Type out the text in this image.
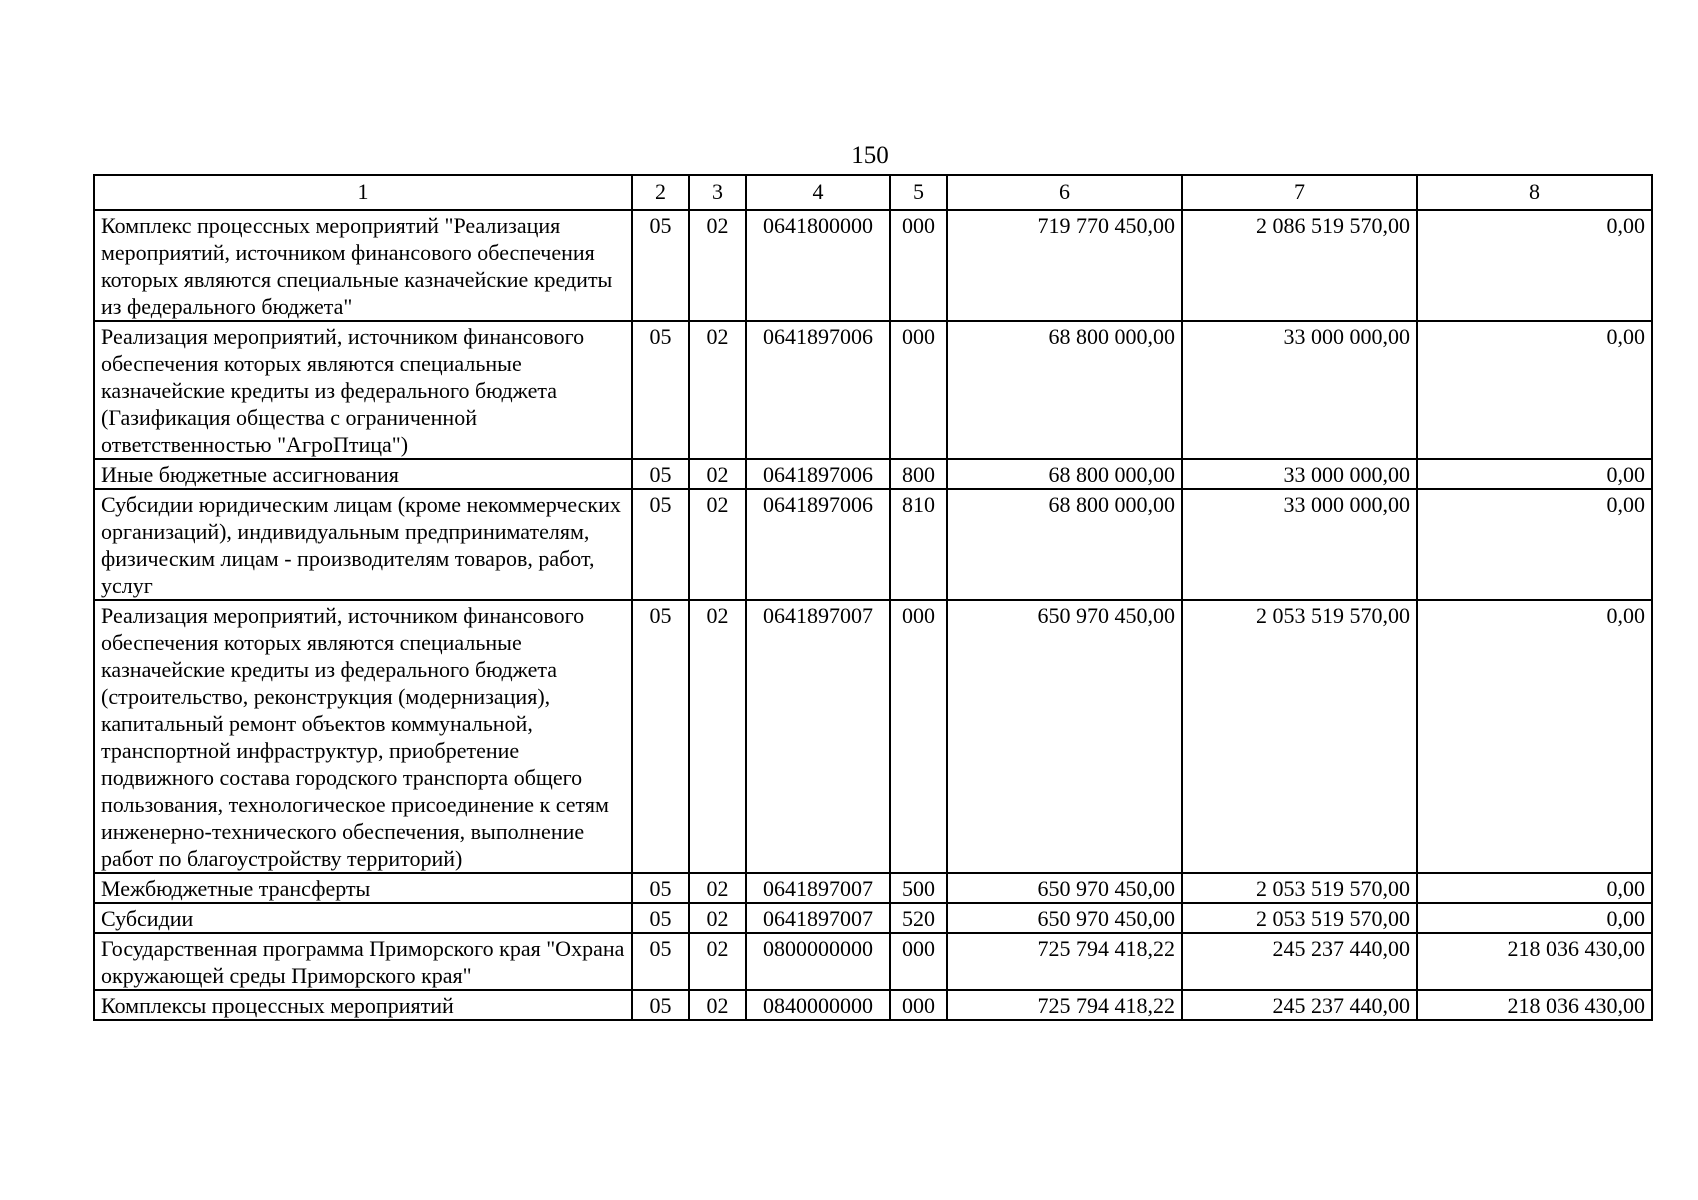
150
1	2	3	4	5	6	7	8
Комплекс процессных мероприятий "Реализация мероприятий, источником финансового обеспечения которых являются специальные казначейские кредиты из федерального бюджета"	05	02	0641800000	000	719 770 450,00	2 086 519 570,00	0,00
Реализация мероприятий, источником финансового обеспечения которых являются специальные казначейские кредиты из федерального бюджета (Газификация общества с ограниченной ответственностью "АгроПтица")	05	02	0641897006	000	68 800 000,00	33 000 000,00	0,00
Иные бюджетные ассигнования	05	02	0641897006	800	68 800 000,00	33 000 000,00	0,00
Субсидии юридическим лицам (кроме некоммерческих организаций), индивидуальным предпринимателям, физическим лицам - производителям товаров, работ, услуг	05	02	0641897006	810	68 800 000,00	33 000 000,00	0,00
Реализация мероприятий, источником финансового обеспечения которых являются специальные казначейские кредиты из федерального бюджета (строительство, реконструкция (модернизация), капитальный ремонт объектов коммунальной, транспортной инфраструктур, приобретение подвижного состава городского транспорта общего пользования, технологическое присоединение к сетям инженерно-технического обеспечения, выполнение работ по благоустройству территорий)	05	02	0641897007	000	650 970 450,00	2 053 519 570,00	0,00
Межбюджетные трансферты	05	02	0641897007	500	650 970 450,00	2 053 519 570,00	0,00
Субсидии	05	02	0641897007	520	650 970 450,00	2 053 519 570,00	0,00
Государственная программа Приморского края "Охрана окружающей среды Приморского края"	05	02	0800000000	000	725 794 418,22	245 237 440,00	218 036 430,00
Комплексы процессных мероприятий	05	02	0840000000	000	725 794 418,22	245 237 440,00	218 036 430,00
